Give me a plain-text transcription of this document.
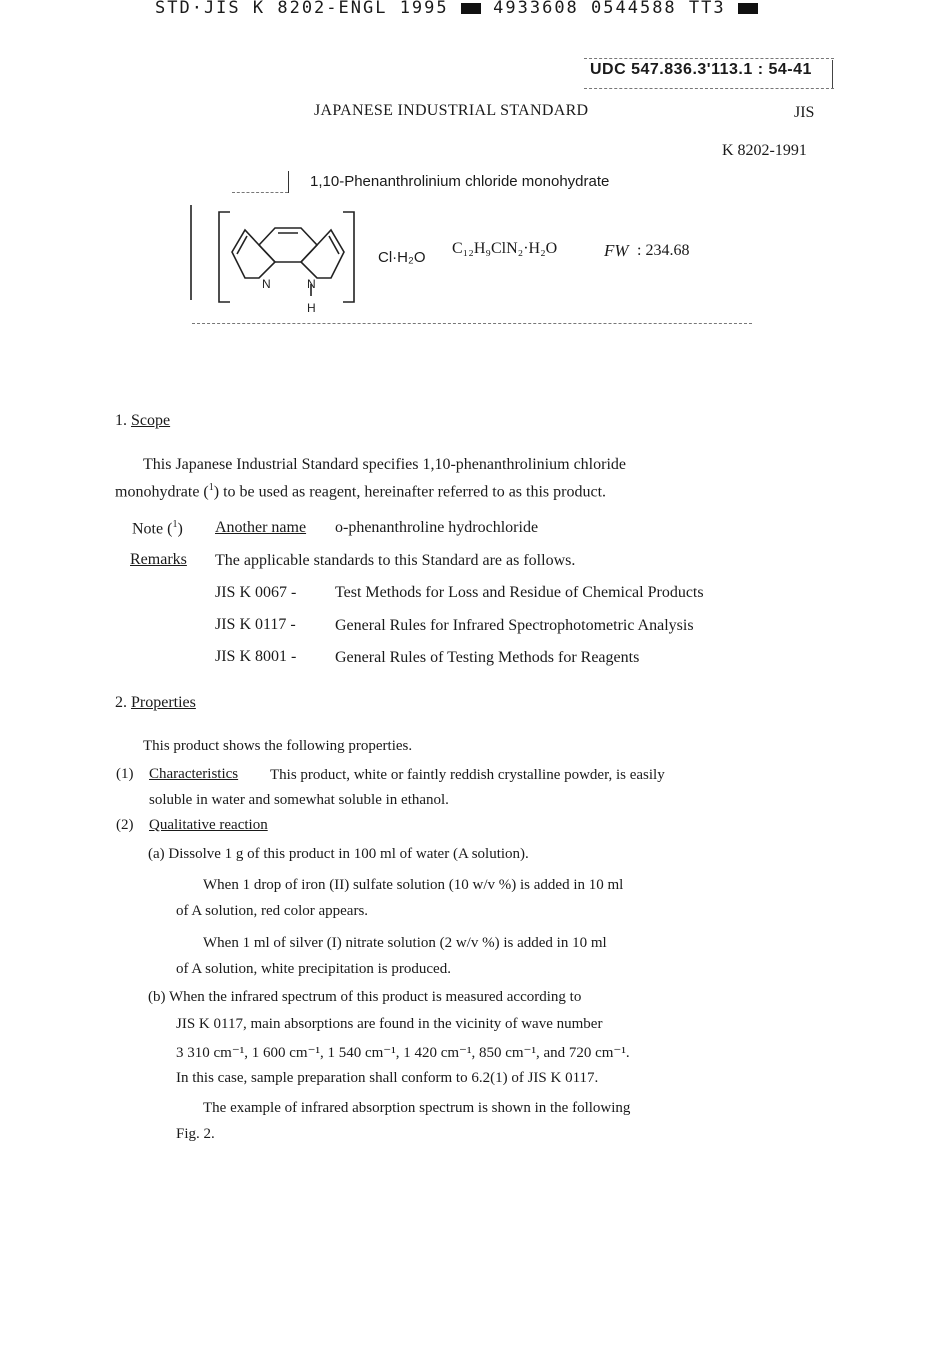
STD·JIS K 8202-ENGL 1995	4933608 0544588 TT3
UDC 547.836.3'113.1 : 54-41
JAPANESE INDUSTRIAL STANDARD	JIS
K 8202-1991
1,10-Phenanthrolinium chloride monohydrate
N	N
H
Cl·H₂O
C₁₂H₉ClN₂·H₂O	FW : 234.68
1. Scope
This Japanese Industrial Standard specifies 1,10-phenanthrolinium chloride
monohydrate ($^1$) to be used as reagent, hereinafter referred to as this product.
Note ($^1$) Another name o-phenanthroline hydrochloride
Remarks The applicable standards to this Standard are as follows.
JIS K 0067 - Test Methods for Loss and Residue of Chemical Products
JIS K 0117 - General Rules for Infrared Spectrophotometric Analysis
JIS K 8001 - General Rules of Testing Methods for Reagents
2. Properties
This product shows the following properties.
(1) Characteristics This product, white or faintly reddish crystalline powder, is easily
soluble in water and somewhat soluble in ethanol.
(2) Qualitative reaction
(a) Dissolve 1 g of this product in 100 ml of water (A solution).
When 1 drop of iron (II) sulfate solution (10 w/v %) is added in 10 ml
of A solution, red color appears.
When 1 ml of silver (I) nitrate solution (2 w/v %) is added in 10 ml
of A solution, white precipitation is produced.
(b) When the infrared spectrum of this product is measured according to
JIS K 0117, main absorptions are found in the vicinity of wave number
3 310 cm⁻¹, 1 600 cm⁻¹, 1 540 cm⁻¹, 1 420 cm⁻¹, 850 cm⁻¹, and 720 cm⁻¹.
In this case, sample preparation shall conform to 6.2(1) of JIS K 0117.
The example of infrared absorption spectrum is shown in the following
Fig. 2.
